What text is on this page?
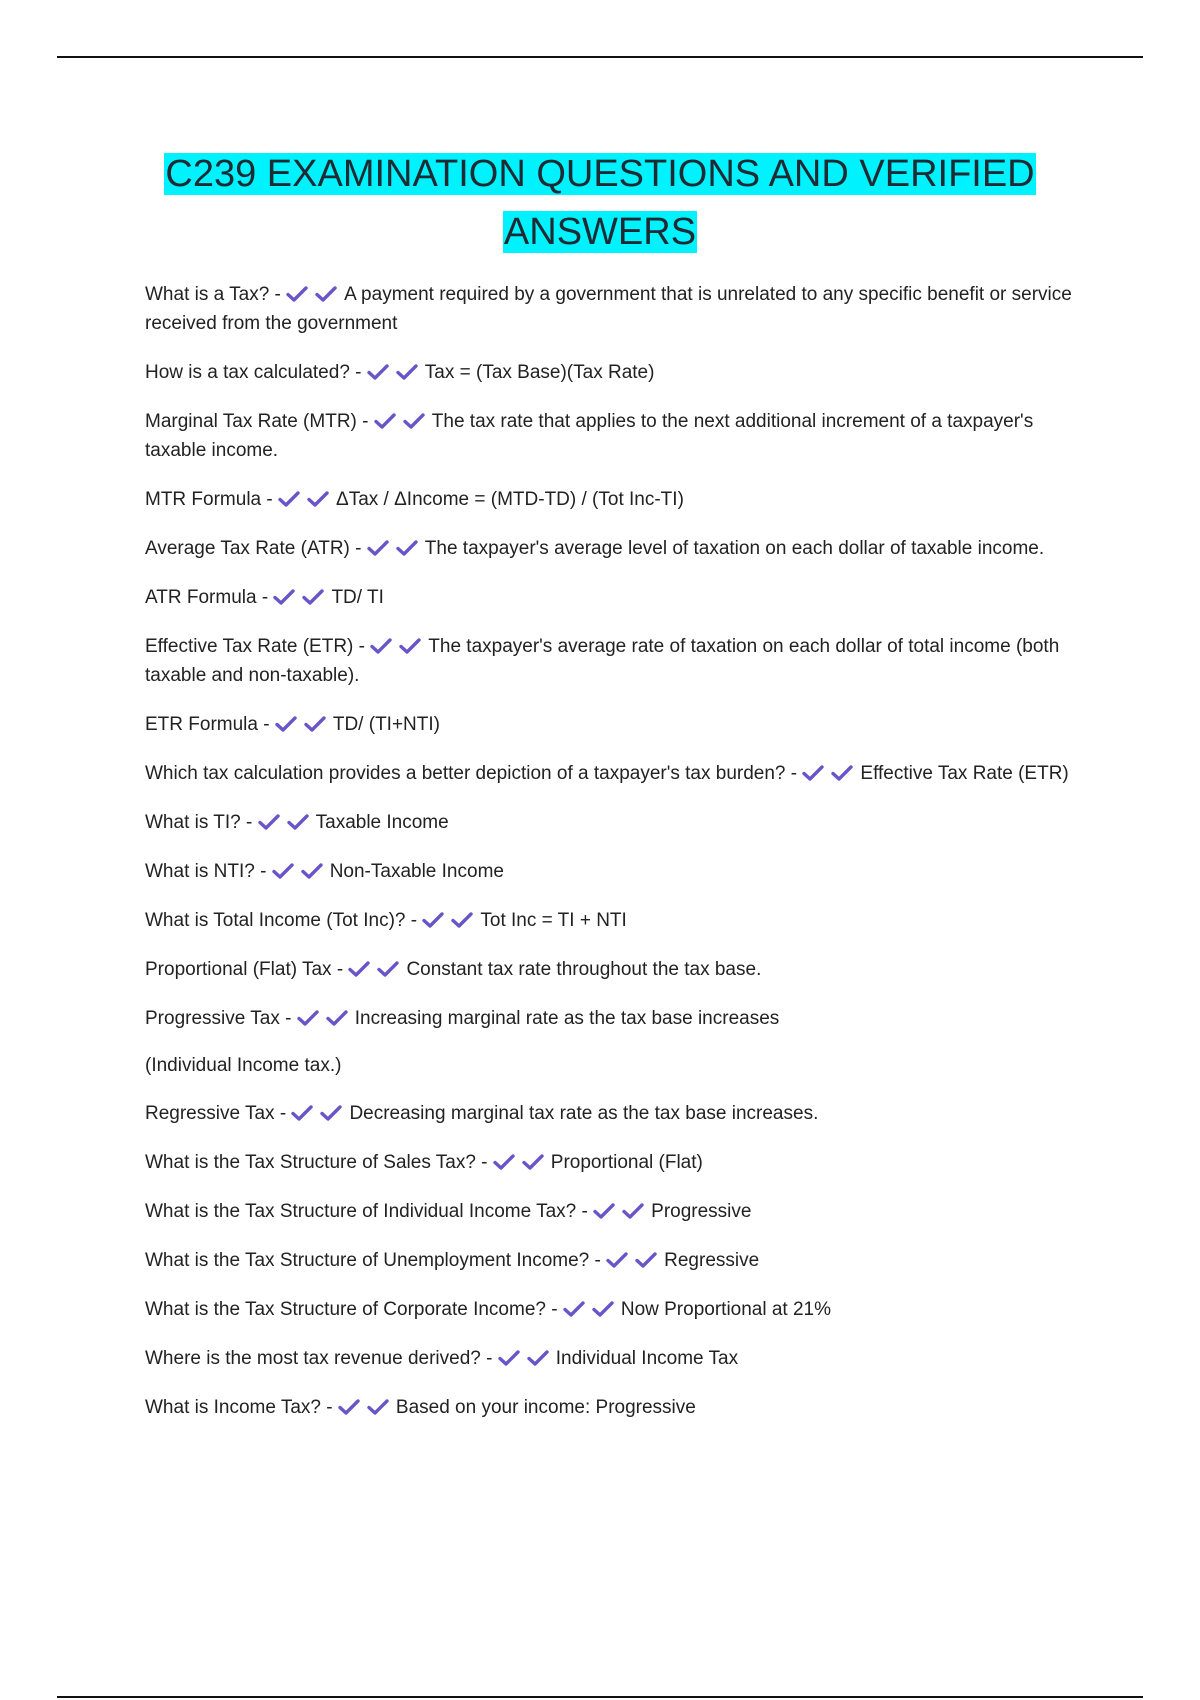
C239 EXAMINATION QUESTIONS AND VERIFIED
ANSWERS

What is a Tax? -	A payment required by a government that is unrelated to any specific benefit or service received from the government

How is a tax calculated? -	Tax = (Tax Base)(Tax Rate)

Marginal Tax Rate (MTR) -	The tax rate that applies to the next additional increment of a taxpayer's taxable income.

MTR Formula -	ΔTax / ΔIncome = (MTD-TD) / (Tot Inc-TI)

Average Tax Rate (ATR) -	The taxpayer's average level of taxation on each dollar of taxable income.

ATR Formula -	TD/ TI

Effective Tax Rate (ETR) -	The taxpayer's average rate of taxation on each dollar of total income (both taxable and non-taxable).

ETR Formula -	TD/ (TI+NTI)

Which tax calculation provides a better depiction of a taxpayer's tax burden? -	Effective Tax Rate (ETR)

What is TI? -	Taxable Income

What is NTI? -	Non-Taxable Income

What is Total Income (Tot Inc)? -	Tot Inc = TI + NTI

Proportional (Flat) Tax -	Constant tax rate throughout the tax base.

Progressive Tax -	Increasing marginal rate as the tax base increases

(Individual Income tax.)

Regressive Tax -	Decreasing marginal tax rate as the tax base increases.

What is the Tax Structure of Sales Tax? -	Proportional (Flat)

What is the Tax Structure of Individual Income Tax? -	Progressive

What is the Tax Structure of Unemployment Income? -	Regressive

What is the Tax Structure of Corporate Income? -	Now Proportional at 21%

Where is the most tax revenue derived? -	Individual Income Tax

What is Income Tax? -	Based on your income: Progressive
